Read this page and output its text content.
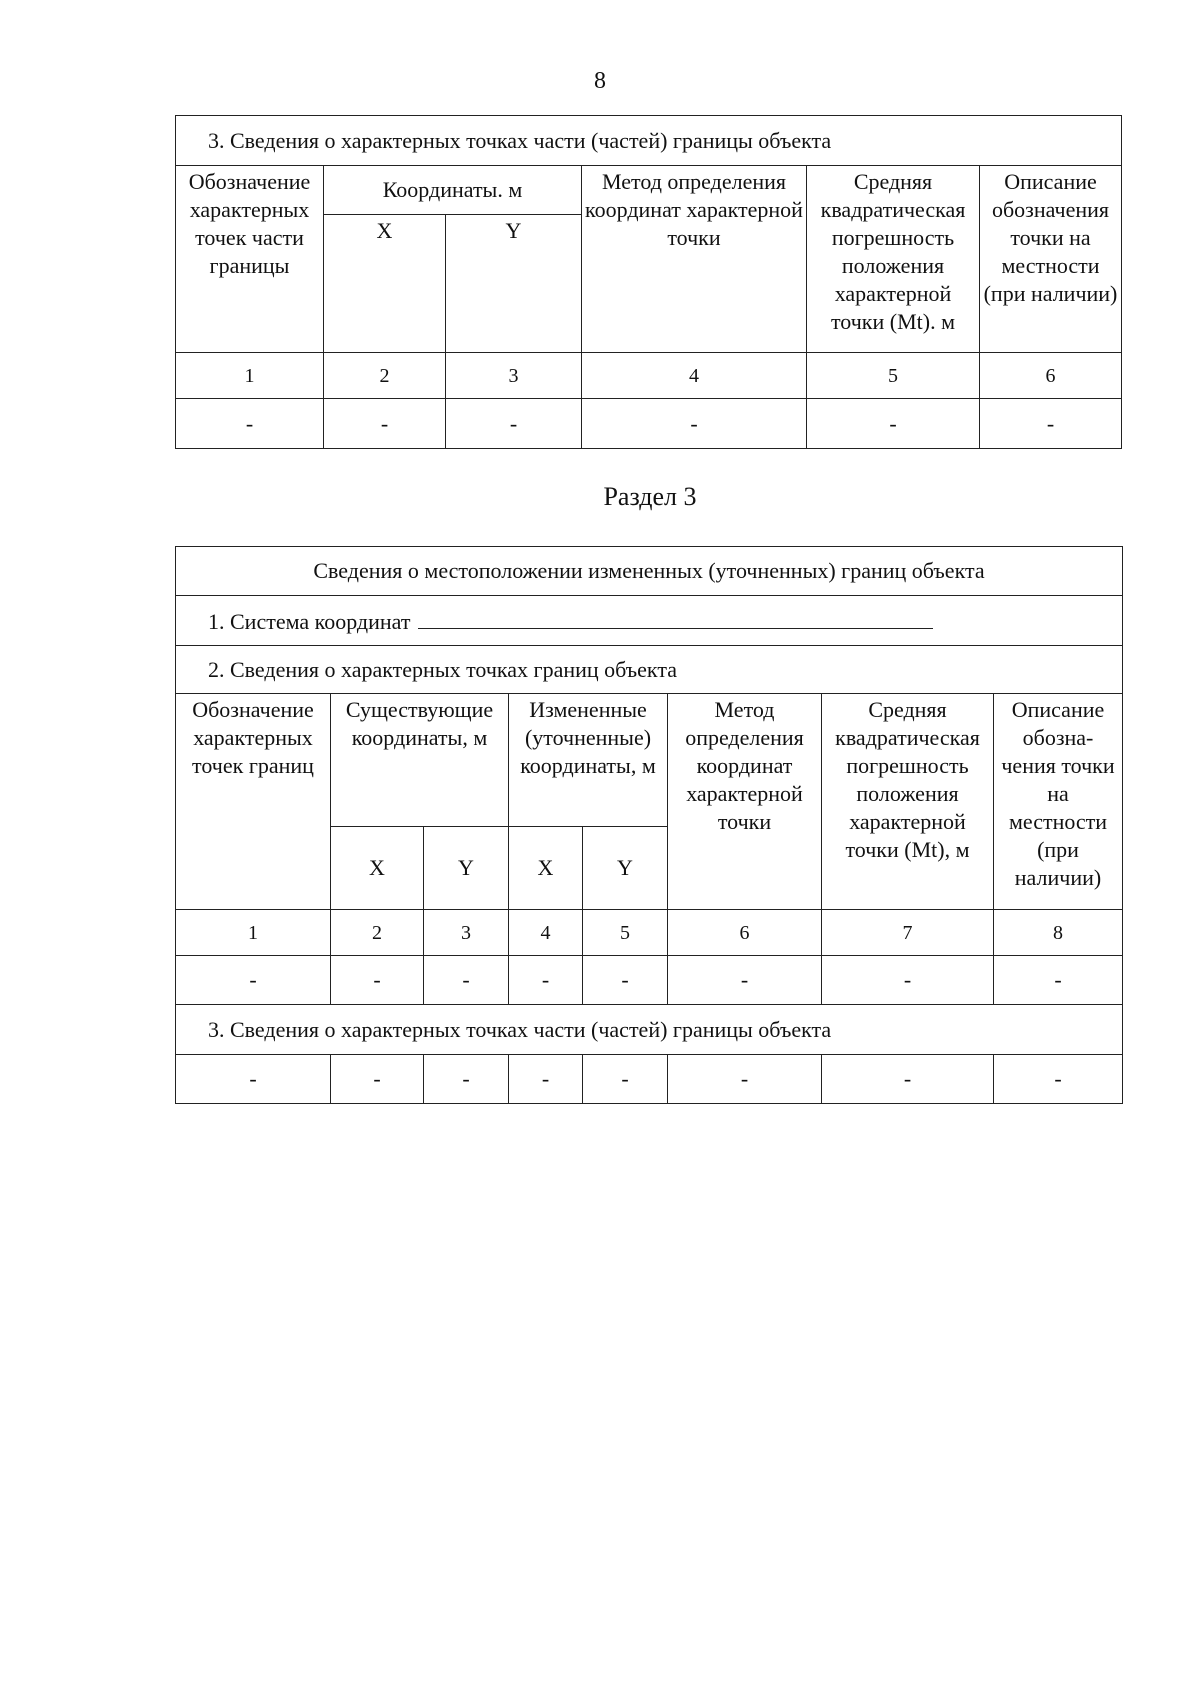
8
3. Сведения о характерных точках части (частей) границы объекта					
Обозначение характерных точек части границы	Координаты. м		Метод определения координат характерной точки	Средняя квадратическая погрешность положения характерной точки (Mt). м	Описание обозначения точки на местности (при наличии)
	X	Y			
1	2	3	4	5	6
-	-	-	-	-	-
Раздел 3
Сведения о местоположении измененных (уточненных) границ объекта							
1. Система координат							
2. Сведения о характерных точках границ объекта							
Обозначение характерных точек границ	Существующие координаты, м		Измененные (уточненные) координаты, м		Метод определения координат характерной точки	Средняя квадратическая погрешность положения характерной точки (Mt), м	Описание обозна-чения точки на местности (при наличии)
	X	Y	X	Y			
1	2	3	4	5	6	7	8
-	-	-	-	-	-	-	-
3. Сведения о характерных точках части (частей) границы объекта							
-	-	-	-	-	-	-	-
